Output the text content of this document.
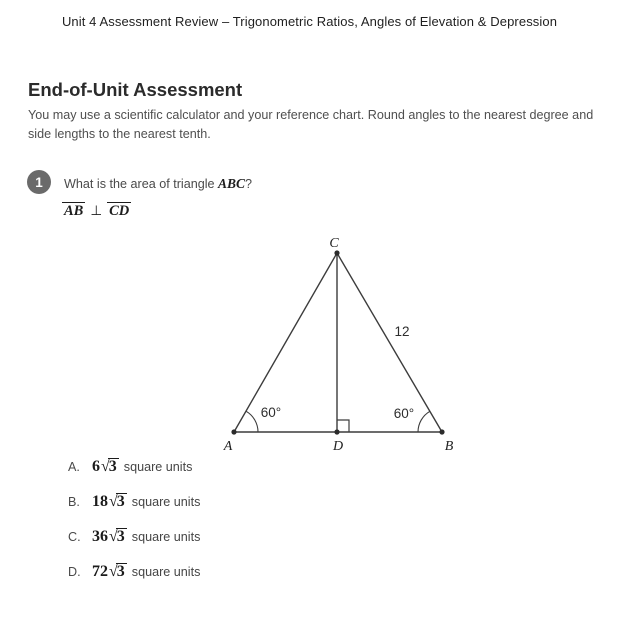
Unit 4 Assessment Review – Trigonometric Ratios, Angles of Elevation & Depression
End-of-Unit Assessment
You may use a scientific calculator and your reference chart. Round angles to the nearest degree and side lengths to the nearest tenth.
1 What is the area of triangle ABC?
AB ⊥ CD
C
A	D	B
60°	60°
12
A. 6√3 square units
B. 18√3 square units
C. 36√3 square units
D. 72√3 square units
